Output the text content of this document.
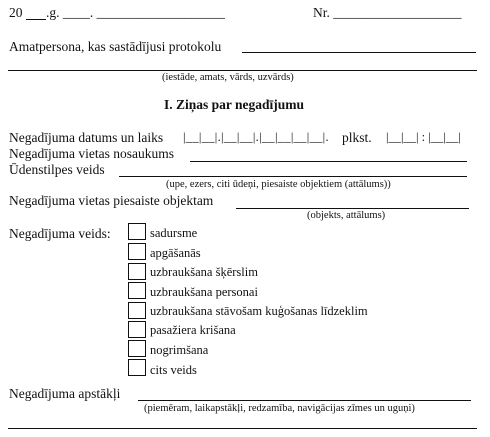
20 .g. ____. ___________________	Nr. ___________________
Amatpersona, kas sastādījusi protokolu
(iestāde, amats, vārds, uzvārds)
I. Ziņas par negadījumu
Negadījuma datums un laiks |__|__|.|__|__|.|__|__|__|__|. plkst. |__|__| : |__|__|
Negadījuma vietas nosaukums
Ūdenstilpes veids
(upe, ezers, citi ūdeņi, piesaiste objektiem (attālums))
Negadījuma vietas piesaiste objektam
(objekts, attālums)
Negadījuma veids:	sadursme
apgāšanās
uzbraukšana šķērslim
uzbraukšana personai
uzbraukšana stāvošam kuģošanas līdzeklim
pasažiera krišana
nogrimšana
cits veids
Negadījuma apstākļi
(piemēram, laikapstākļi, redzamība, navigācijas zīmes un uguņi)
